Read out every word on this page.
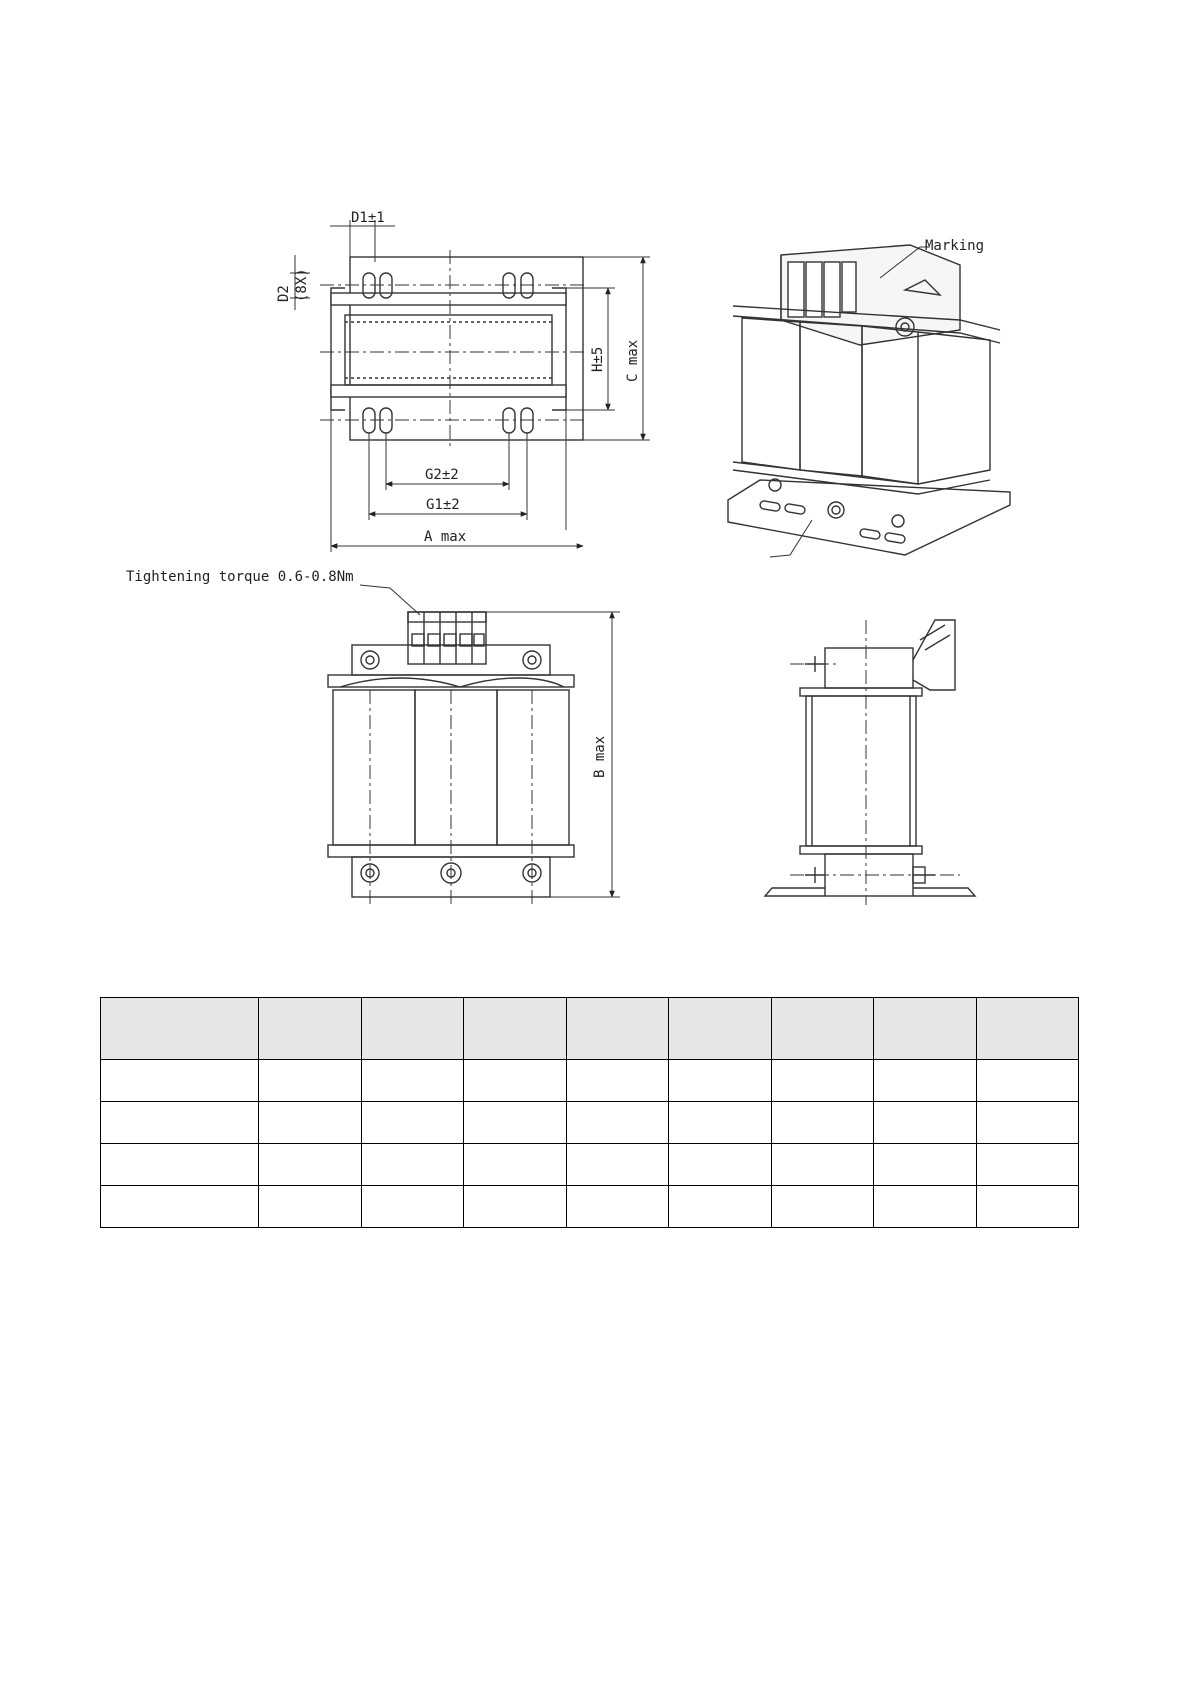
D1±1
D2 (8X)
H±5 C max
G2±2
G1±2
A max
Marking
Tightening torque 0.6-0.8Nm
B max
